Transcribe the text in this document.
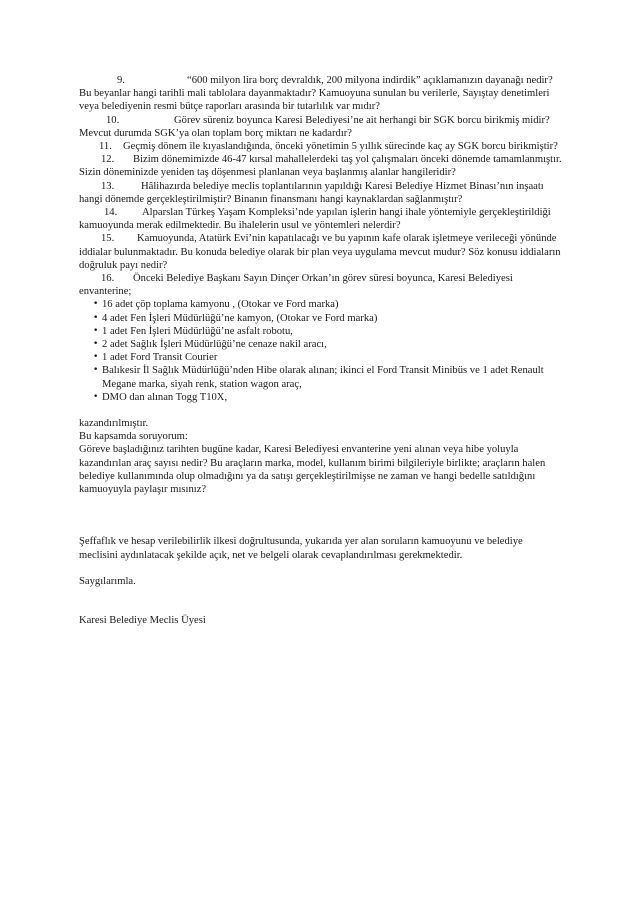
9.	“600 milyon lira borç devraldık, 200 milyona indirdik” açıklamanızın dayanağı nedir? Bu beyanlar hangi tarihli mali tablolara dayanmaktadır? Kamuoyuna sunulan bu verilerle, Sayıştay denetimleri veya belediyenin resmi bütçe raporları arasında bir tutarlılık var mıdır?

10.	Görev süreniz boyunca Karesi Belediyesi’ne ait herhangi bir SGK borcu birikmiş midir? Mevcut durumda SGK’ya olan toplam borç miktarı ne kadardır?

11. Geçmiş dönem ile kıyaslandığında, önceki yönetimin 5 yıllık sürecinde kaç ay SGK borcu birikmiştir?

12. Bizim dönemimizde 46-47 kırsal mahallelerdeki taş yol çalışmaları önceki dönemde tamamlanmıştır. Sizin döneminizde yeniden taş döşenmesi planlanan veya başlanmış alanlar hangileridir?

13.	Hâlihazırda belediye meclis toplantılarının yapıldığı Karesi Belediye Hizmet Binası’nın inşaatı hangi dönemde gerçekleştirilmiştir? Binanın finansmanı hangi kaynaklardan sağlanmıştır?

14. Alparslan Türkeş Yaşam Kompleksi’nde yapılan işlerin hangi ihale yöntemiyle gerçekleştirildiği kamuoyunda merak edilmektedir. Bu ihalelerin usul ve yöntemleri nelerdir?

15. Kamuoyunda, Atatürk Evi’nin kapatılacağı ve bu yapının kafe olarak işletmeye verileceği yönünde iddialar bulunmaktadır. Bu konuda belediye olarak bir plan veya uygulama mevcut mudur? Söz konusu iddiaların doğruluk payı nedir?

16. Önceki Belediye Başkanı Sayın Dinçer Orkan’ın görev süresi boyunca, Karesi Belediyesi envanterine;

• 16 adet çöp toplama kamyonu , (Otokar ve Ford marka)
• 4 adet Fen İşleri Müdürlüğü’ne kamyon, (Otokar ve Ford marka)
• 1 adet Fen İşleri Müdürlüğü’ne asfalt robotu,
• 2 adet Sağlık İşleri Müdürlüğü’ne cenaze nakil aracı,
• 1 adet Ford Transit Courier
• Balıkesir İl Sağlık Müdürlüğü’nden Hibe olarak alınan; ikinci el Ford Transit Minibüs ve 1 adet Renault Megane marka, siyah renk, station wagon araç,
• DMO dan alınan Togg T10X,

kazandırılmıştır.

Bu kapsamda soruyorum:

Göreve başladığınız tarihten bugüne kadar, Karesi Belediyesi envanterine yeni alınan veya hibe yoluyla kazandırılan araç sayısı nedir? Bu araçların marka, model, kullanım birimi bilgileriyle birlikte; araçların halen belediye kullanımında olup olmadığını ya da satışı gerçekleştirilmişse ne zaman ve hangi bedelle satıldığını kamuoyuyla paylaşır mısınız?

Şeffaflık ve hesap verilebilirlik ilkesi doğrultusunda, yukarıda yer alan soruların kamuoyunu ve belediye meclisini aydınlatacak şekilde açık, net ve belgeli olarak cevaplandırılması gerekmektedir.

Saygılarımla.

Karesi Belediye Meclis Üyesi
